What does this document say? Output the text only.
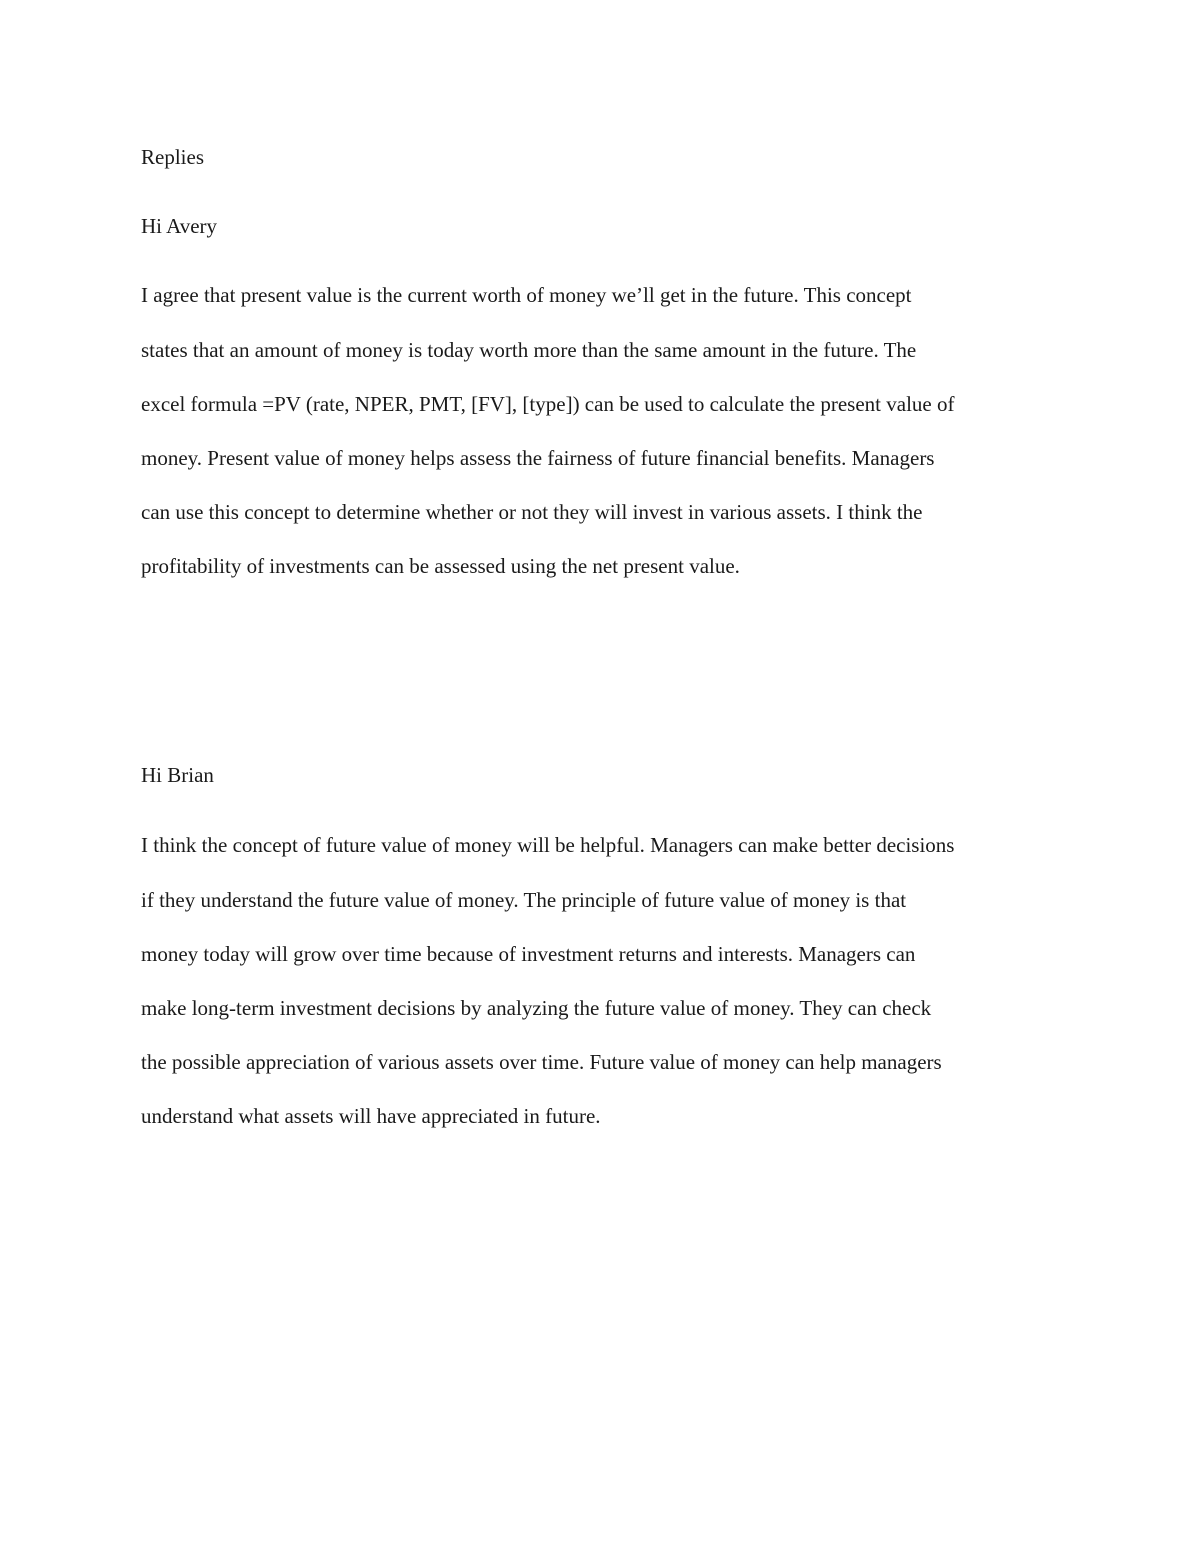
Replies
Hi Avery
I agree that present value is the current worth of money we’ll get in the future. This concept
states that an amount of money is today worth more than the same amount in the future. The
excel formula =PV (rate, NPER, PMT, [FV], [type]) can be used to calculate the present value of
money. Present value of money helps assess the fairness of future financial benefits. Managers
can use this concept to determine whether or not they will invest in various assets. I think the
profitability of investments can be assessed using the net present value.
Hi Brian
I think the concept of future value of money will be helpful. Managers can make better decisions
if they understand the future value of money. The principle of future value of money is that
money today will grow over time because of investment returns and interests. Managers can
make long-term investment decisions by analyzing the future value of money. They can check
the possible appreciation of various assets over time. Future value of money can help managers
understand what assets will have appreciated in future.
